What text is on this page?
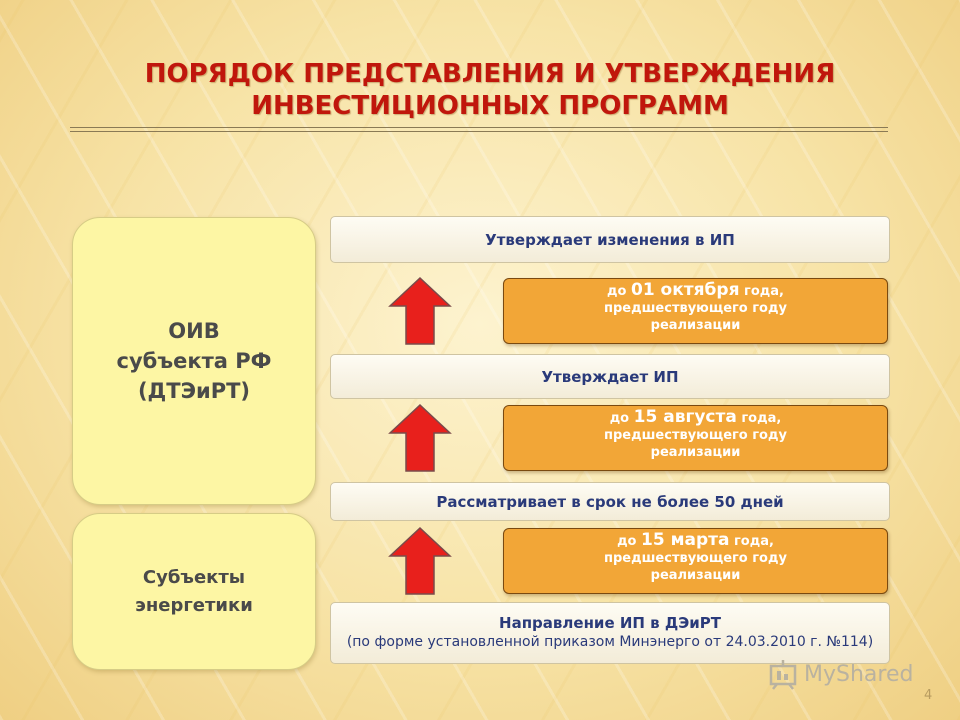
ПОРЯДОК ПРЕДСТАВЛЕНИЯ И УТВЕРЖДЕНИЯ
ИНВЕСТИЦИОННЫХ ПРОГРАММ
ОИВ
субъекта РФ
(ДТЭиРТ)
Субъекты
энергетики
Утверждает изменения в ИП
Утверждает ИП
Рассматривает в срок не более 50 дней
Направление ИП в ДЭиРТ
(по форме установленной приказом Минэнерго от 24.03.2010 г. №114)
до 01 октября года,
предшествующего году
реализации
до 15 августа года,
предшествующего году
реализации
до 15 марта года,
предшествующего году
реализации
MyShared
4
